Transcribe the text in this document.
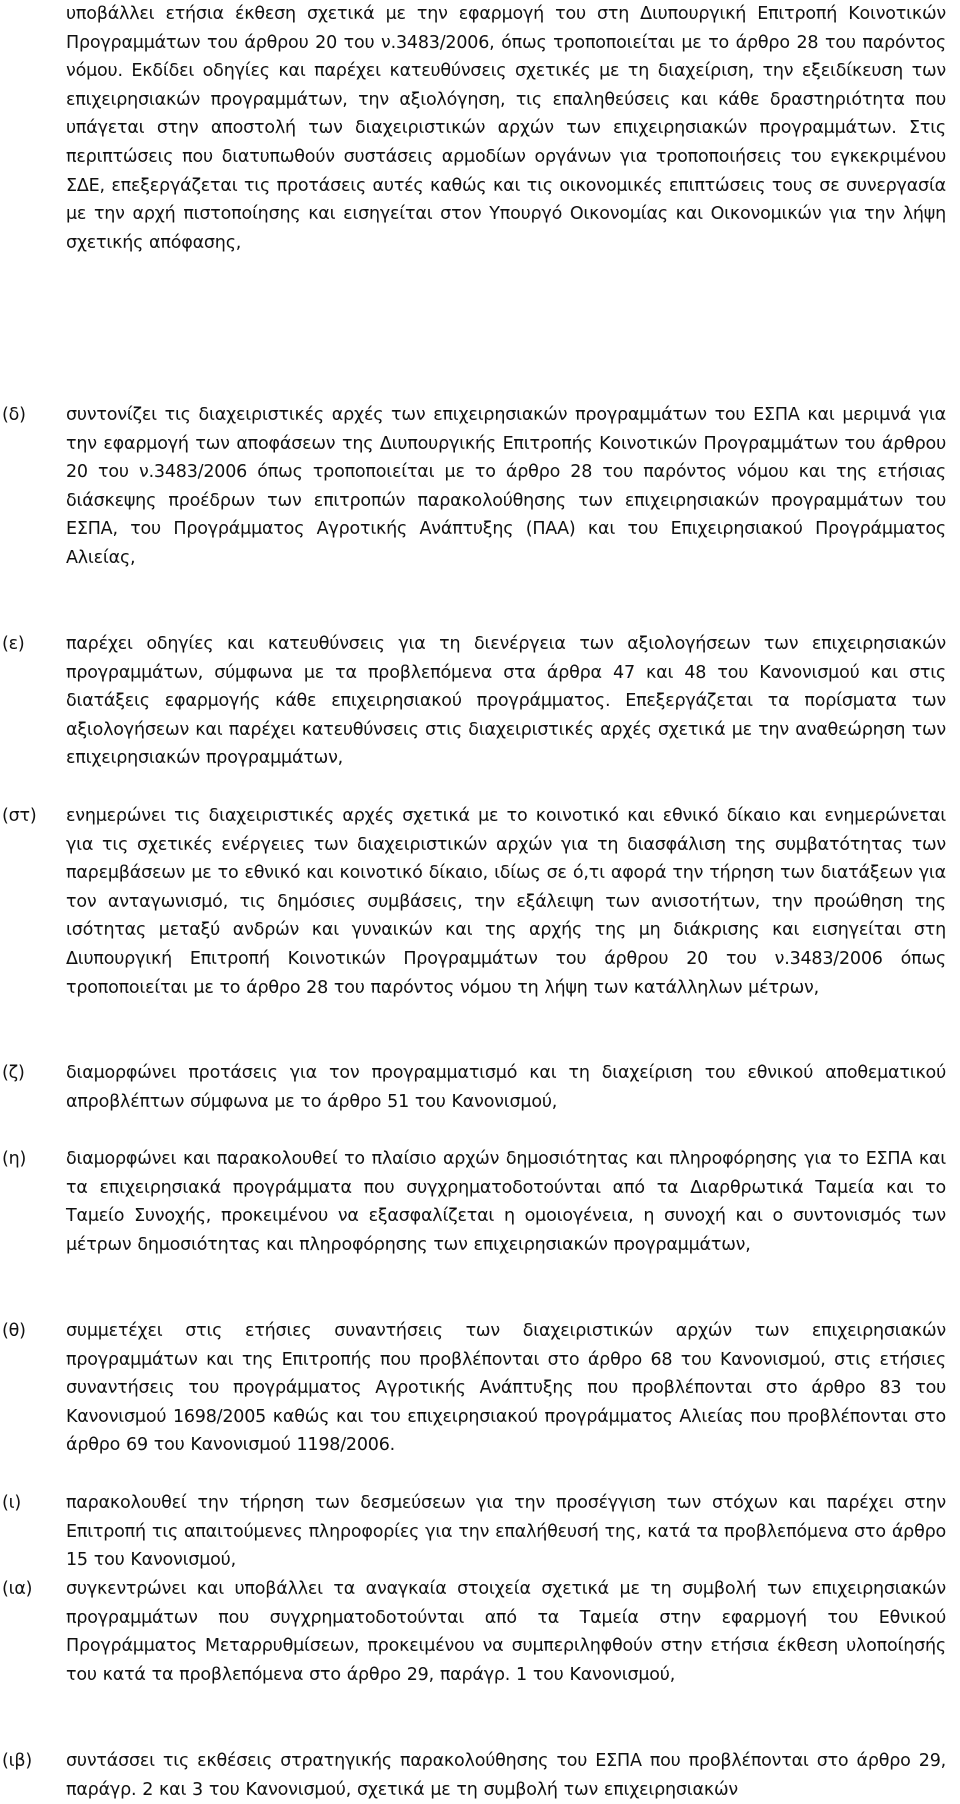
υποβάλλει ετήσια έκθεση σχετικά με την εφαρμογή του στη Διυπουργική Επιτροπή Κοινοτικών Προγραμμάτων του άρθρου 20 του ν.3483/2006, όπως τροποποιείται με το άρθρο 28 του παρόντος νόμου. Εκδίδει οδηγίες και παρέχει κατευθύνσεις σχετικές με τη διαχείριση, την εξειδίκευση των επιχειρησιακών προγραμμάτων, την αξιολόγηση, τις επαληθεύσεις και κάθε δραστηριότητα που υπάγεται στην αποστολή των διαχειριστικών αρχών των επιχειρησιακών προγραμμάτων. Στις περιπτώσεις που διατυπωθούν συστάσεις αρμοδίων οργάνων για τροποποιήσεις του εγκεκριμένου ΣΔΕ, επεξεργάζεται τις προτάσεις αυτές καθώς και τις οικονομικές επιπτώσεις τους σε συνεργασία με την αρχή πιστοποίησης και εισηγείται στον Υπουργό Οικονομίας και Οικονομικών για την λήψη σχετικής απόφασης,
(δ) συντονίζει τις διαχειριστικές αρχές των επιχειρησιακών προγραμμάτων του ΕΣΠΑ και μεριμνά για την εφαρμογή των αποφάσεων της Διυπουργικής Επιτροπής Κοινοτικών Προγραμμάτων του άρθρου 20 του ν.3483/2006 όπως τροποποιείται με το άρθρο 28 του παρόντος νόμου και της ετήσιας διάσκεψης προέδρων των επιτροπών παρακολούθησης των επιχειρησιακών προγραμμάτων του ΕΣΠΑ, του Προγράμματος Αγροτικής Ανάπτυξης (ΠΑΑ) και του Επιχειρησιακού Προγράμματος Αλιείας,
(ε) παρέχει οδηγίες και κατευθύνσεις για τη διενέργεια των αξιολογήσεων των επιχειρησιακών προγραμμάτων, σύμφωνα με τα προβλεπόμενα στα άρθρα 47 και 48 του Κανονισμού και στις διατάξεις εφαρμογής κάθε επιχειρησιακού προγράμματος. Επεξεργάζεται τα πορίσματα των αξιολογήσεων και παρέχει κατευθύνσεις στις διαχειριστικές αρχές σχετικά με την αναθεώρηση των επιχειρησιακών προγραμμάτων,
(στ) ενημερώνει τις διαχειριστικές αρχές σχετικά με το κοινοτικό και εθνικό δίκαιο και ενημερώνεται για τις σχετικές ενέργειες των διαχειριστικών αρχών για τη διασφάλιση της συμβατότητας των παρεμβάσεων με το εθνικό και κοινοτικό δίκαιο, ιδίως σε ό,τι αφορά την τήρηση των διατάξεων για τον ανταγωνισμό, τις δημόσιες συμβάσεις, την εξάλειψη των ανισοτήτων, την προώθηση της ισότητας μεταξύ ανδρών και γυναικών και της αρχής της μη διάκρισης και εισηγείται στη Διυπουργική Επιτροπή Κοινοτικών Προγραμμάτων του άρθρου 20 του ν.3483/2006 όπως τροποποιείται με το άρθρο 28 του παρόντος νόμου τη λήψη των κατάλληλων μέτρων,
(ζ) διαμορφώνει προτάσεις για τον προγραμματισμό και τη διαχείριση του εθνικού αποθεματικού απροβλέπτων σύμφωνα με το άρθρο 51 του Κανονισμού,
(η) διαμορφώνει και παρακολουθεί το πλαίσιο αρχών δημοσιότητας και πληροφόρησης για το ΕΣΠΑ και τα επιχειρησιακά προγράμματα που συγχρηματοδοτούνται από τα Διαρθρωτικά Ταμεία και το Ταμείο Συνοχής, προκειμένου να εξασφαλίζεται η ομοιογένεια, η συνοχή και ο συντονισμός των μέτρων δημοσιότητας και πληροφόρησης των επιχειρησιακών προγραμμάτων,
(θ) συμμετέχει στις ετήσιες συναντήσεις των διαχειριστικών αρχών των επιχειρησιακών προγραμμάτων και της Επιτροπής που προβλέπονται στο άρθρο 68 του Κανονισμού, στις ετήσιες συναντήσεις του προγράμματος Αγροτικής Ανάπτυξης που προβλέπονται στο άρθρο 83 του Κανονισμού 1698/2005 καθώς και του επιχειρησιακού προγράμματος Αλιείας που προβλέπονται στο άρθρο 69 του Κανονισμού 1198/2006.
(ι)	παρακολουθεί την τήρηση των δεσμεύσεων για την προσέγγιση των στόχων και παρέχει στην Επιτροπή τις απαιτούμενες πληροφορίες για την επαλήθευσή της, κατά τα προβλεπόμενα στο άρθρο 15 του Κανονισμού,
(ια) συγκεντρώνει και υποβάλλει τα αναγκαία στοιχεία σχετικά με τη συμβολή των επιχειρησιακών προγραμμάτων που συγχρηματοδοτούνται από τα Ταμεία στην εφαρμογή του Εθνικού Προγράμματος Μεταρρυθμίσεων, προκειμένου να συμπεριληφθούν στην ετήσια έκθεση υλοποίησής του κατά τα προβλεπόμενα στο άρθρο 29, παράγρ. 1 του Κανονισμού,
(ιβ) συντάσσει τις εκθέσεις στρατηγικής παρακολούθησης του ΕΣΠΑ που προβλέπονται στο άρθρο 29, παράγρ. 2 και 3 του Κανονισμού, σχετικά με τη συμβολή των επιχειρησιακών
